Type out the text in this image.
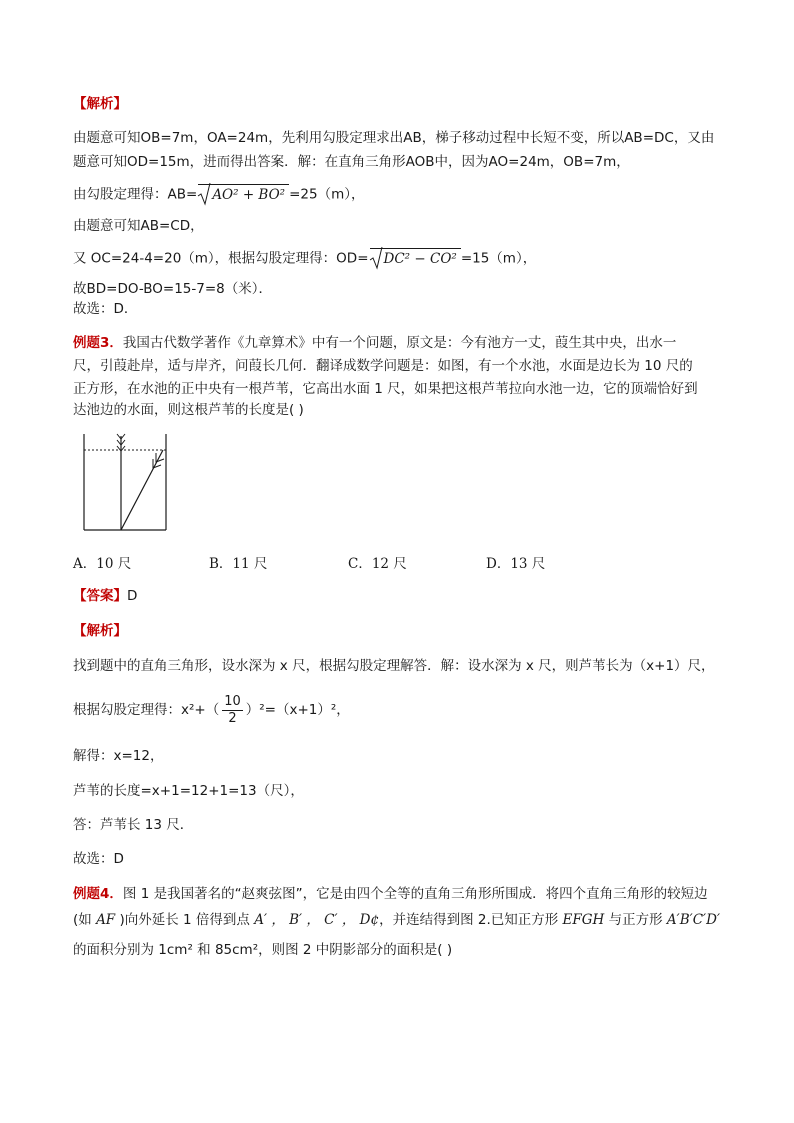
【解析】
由题意可知OB=7m，OA=24m，先利用勾股定理求出AB，梯子移动过程中长短不变，所以AB=DC，又由
题意可知OD=15m，进而得出答案．解：在直角三角形AOB中，因为AO=24m，OB=7m，
由勾股定理得：AB= AO² + BO² =25（m），
由题意可知AB=CD，
又 OC=24-4=20（m），根据勾股定理得：OD= DC² − CO² =15（m），
故BD=DO-BO=15-7=8（米）．
故选：D．
例题3．我国古代数学著作《九章算术》中有一个问题，原文是：今有池方一丈，葭生其中央，出水一
尺，引葭赴岸，适与岸齐，问葭长几何．翻译成数学问题是：如图，有一个水池，水面是边长为 10 尺的
正方形，在水池的正中央有一根芦苇，它高出水面 1 尺，如果把这根芦苇拉向水池一边，它的顶端恰好到
达池边的水面，则这根芦苇的长度是( )
A．10 尺	B．11 尺	C．12 尺	D．13 尺
【答案】D
【解析】
找到题中的直角三角形，设水深为 x 尺，根据勾股定理解答．解：设水深为 x 尺，则芦苇长为（x+1）尺，
根据勾股定理得：$x^2+( \frac{10}{2} )^2=(x+1)^2$，
解得：x=12，
芦苇的长度=x+1=12+1=13（尺），
答：芦苇长 13 尺．
故选：D
例题4．图 1 是我国著名的“赵爽弦图”，它是由四个全等的直角三角形所围成．将四个直角三角形的较短边
(如 AF )向外延长 1 倍得到点 A′ ， B′ ， C′ ， D¢，并连结得到图 2.已知正方形 EFGH 与正方形 A′B′C′D′
的面积分别为 1cm² 和 85cm²，则图 2 中阴影部分的面积是( )
